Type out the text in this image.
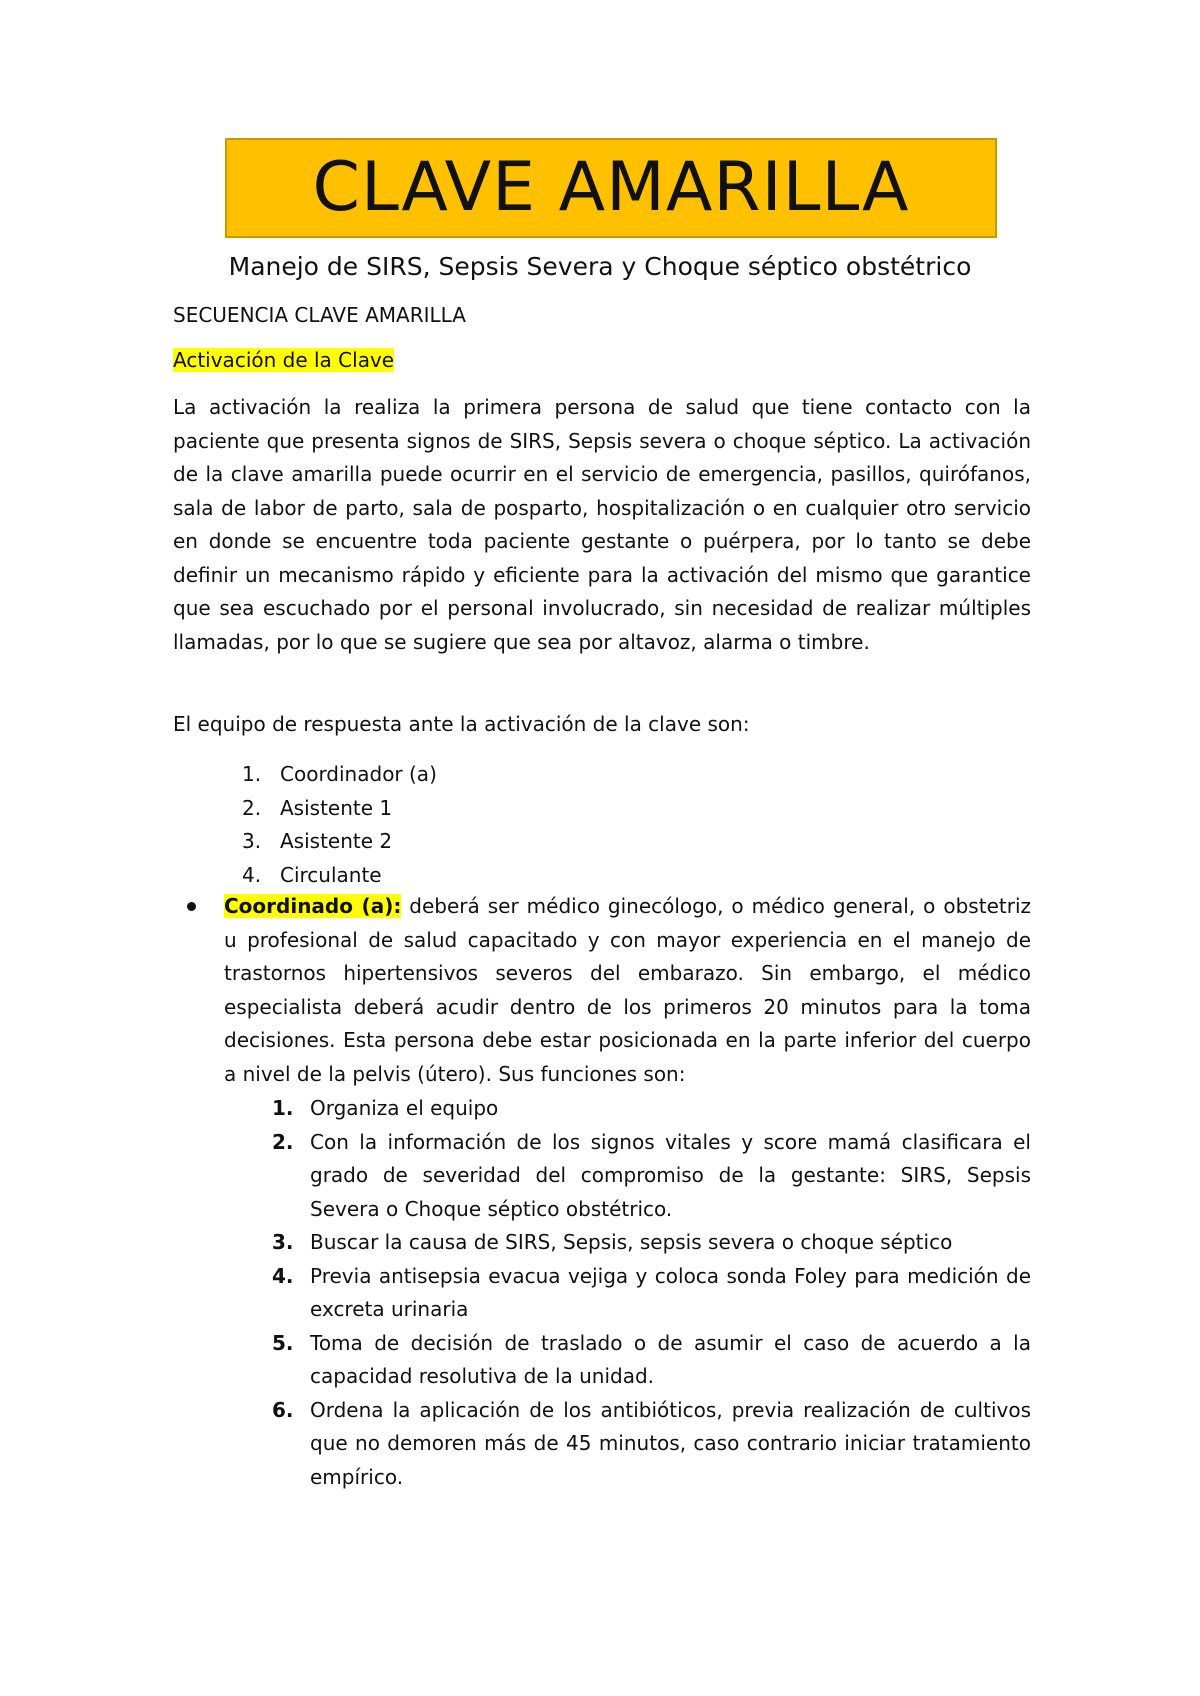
CLAVE AMARILLA
Manejo de SIRS, Sepsis Severa y Choque séptico obstétrico
SECUENCIA CLAVE AMARILLA
Activación de la Clave
La activación la realiza la primera persona de salud que tiene contacto con la paciente que presenta signos de SIRS, Sepsis severa o choque séptico. La activación de la clave amarilla puede ocurrir en el servicio de emergencia, pasillos, quirófanos, sala de labor de parto, sala de posparto, hospitalización o en cualquier otro servicio en donde se encuentre toda paciente gestante o puérpera, por lo tanto se debe definir un mecanismo rápido y eficiente para la activación del mismo que garantice que sea escuchado por el personal involucrado, sin necesidad de realizar múltiples llamadas, por lo que se sugiere que sea por altavoz, alarma o timbre.
El equipo de respuesta ante la activación de la clave son:
1. Coordinador (a)
2. Asistente 1
3. Asistente 2
4. Circulante
Coordinado (a): deberá ser médico ginecólogo, o médico general, o obstetriz u profesional de salud capacitado y con mayor experiencia en el manejo de trastornos hipertensivos severos del embarazo. Sin embargo, el médico especialista deberá acudir dentro de los primeros 20 minutos para la toma decisiones. Esta persona debe estar posicionada en la parte inferior del cuerpo a nivel de la pelvis (útero). Sus funciones son:
1. Organiza el equipo
2. Con la información de los signos vitales y score mamá clasificara el grado de severidad del compromiso de la gestante: SIRS, Sepsis Severa o Choque séptico obstétrico.
3. Buscar la causa de SIRS, Sepsis, sepsis severa o choque séptico
4. Previa antisepsia evacua vejiga y coloca sonda Foley para medición de excreta urinaria
5. Toma de decisión de traslado o de asumir el caso de acuerdo a la capacidad resolutiva de la unidad.
6. Ordena la aplicación de los antibióticos, previa realización de cultivos que no demoren más de 45 minutos, caso contrario iniciar tratamiento empírico.
